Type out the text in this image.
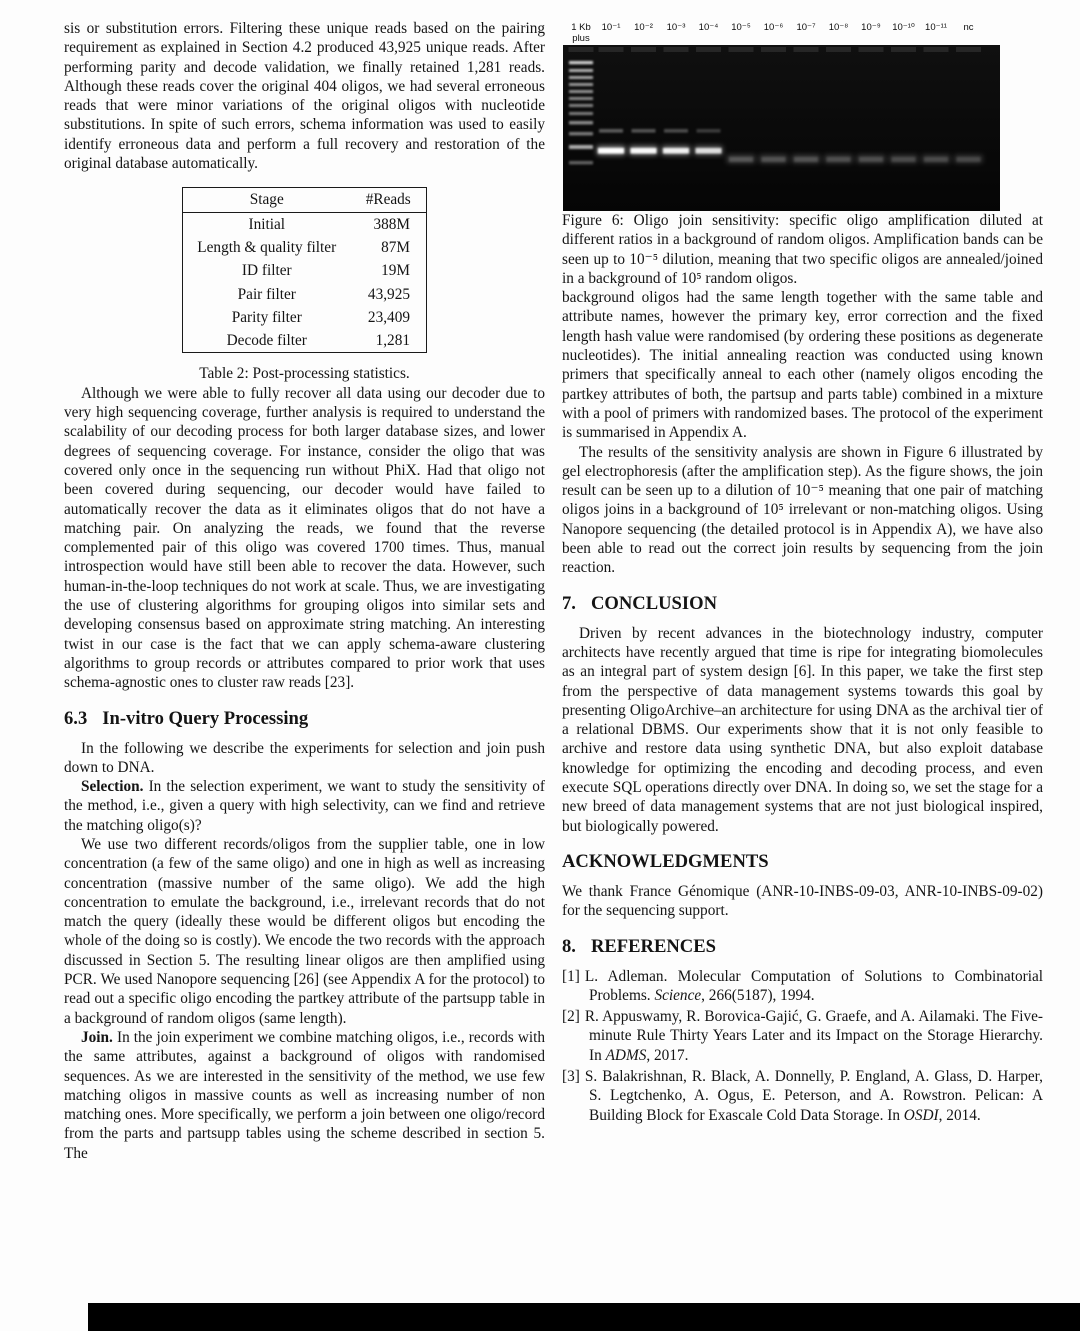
sis or substitution errors. Filtering these unique reads based on the pairing requirement as explained in Section 4.2 produced 43,925 unique reads. After performing parity and decode validation, we finally retained 1,281 reads. Although these reads cover the original 404 oligos, we had several erroneous reads that were minor variations of the original oligos with nucleotide substitutions. In spite of such errors, schema information was used to easily identify erroneous data and perform a full recovery and restoration of the original database automatically.

Stage	#Reads
Initial	388M
Length & quality filter	87M
ID filter	19M
Pair filter	43,925
Parity filter	23,409
Decode filter	1,281
Table 2: Post-processing statistics.

Although we were able to fully recover all data using our decoder due to very high sequencing coverage, further analysis is required to understand the scalability of our decoding process for both larger database sizes, and lower degrees of sequencing coverage. For instance, consider the oligo that was covered only once in the sequencing run without PhiX. Had that oligo not been covered during sequencing, our decoder would have failed to automatically recover the data as it eliminates oligos that do not have a matching pair. On analyzing the reads, we found that the reverse complemented pair of this oligo was covered 1700 times. Thus, manual introspection would have still been able to recover the data. However, such human-in-the-loop techniques do not work at scale. Thus, we are investigating the use of clustering algorithms for grouping oligos into similar sets and developing consensus based on approximate string matching. An interesting twist in our case is the fact that we can apply schema-aware clustering algorithms to group records or attributes compared to prior work that uses schema-agnostic ones to cluster raw reads [23].

6.3 In-vitro Query Processing

In the following we describe the experiments for selection and join push down to DNA.

Selection. In the selection experiment, we want to study the sensitivity of the method, i.e., given a query with high selectivity, can we find and retrieve the matching oligo(s)?

We use two different records/oligos from the supplier table, one in low concentration (a few of the same oligo) and one in high as well as increasing concentration (massive number of the same oligo). We add the high concentration to emulate the background, i.e., irrelevant records that do not match the query (ideally these would be different oligos but encoding the whole of the doing so is costly). We encode the two records with the approach discussed in Section 5. The resulting linear oligos are then amplified using PCR. We used Nanopore sequencing [26] (see Appendix A for the protocol) to read out a specific oligo encoding the partkey attribute of the partsupp table in a background of random oligos (same length).

Join. In the join experiment we combine matching oligos, i.e., records with the same attributes, against a background of oligos with randomised sequences. As we are interested in the sensitivity of the method, we use few matching oligos in massive counts as well as increasing number of non matching ones. More specifically, we perform a join between one oligo/record from the parts and partsupp tables using the scheme described in section 5. The

1 Kb plus
10⁻¹ 10⁻² 10⁻³ 10⁻⁴ 10⁻⁵ 10⁻⁶ 10⁻⁷ 10⁻⁸ 10⁻⁹ 10⁻¹⁰ 10⁻¹¹ nc

Figure 6: Oligo join sensitivity: specific oligo amplification diluted at different ratios in a background of random oligos. Amplification bands can be seen up to 10⁻⁵ dilution, meaning that two specific oligos are annealed/joined in a background of 10⁵ random oligos.

background oligos had the same length together with the same table and attribute names, however the primary key, error correction and the fixed length hash value were randomised (by ordering these positions as degenerate nucleotides). The initial annealing reaction was conducted using known primers that specifically anneal to each other (namely oligos encoding the partkey attributes of both, the partsup and parts table) combined in a mixture with a pool of primers with randomized bases. The protocol of the experiment is summarised in Appendix A.

The results of the sensitivity analysis are shown in Figure 6 illustrated by gel electrophoresis (after the amplification step). As the figure shows, the join result can be seen up to a dilution of 10⁻⁵ meaning that one pair of matching oligos joins in a background of 10⁵ irrelevant or non-matching oligos. Using Nanopore sequencing (the detailed protocol is in Appendix A), we have also been able to read out the correct join results by sequencing from the join reaction.

7. CONCLUSION

Driven by recent advances in the biotechnology industry, computer architects have recently argued that time is ripe for integrating biomolecules as an integral part of system design [6]. In this paper, we take the first step from the perspective of data management systems towards this goal by presenting OligoArchive–an architecture for using DNA as the archival tier of a relational DBMS. Our experiments show that it is not only feasible to archive and restore data using synthetic DNA, but also exploit database knowledge for optimizing the encoding and decoding process, and even execute SQL operations directly over DNA. In doing so, we set the stage for a new breed of data management systems that are not just biological inspired, but biologically powered.

ACKNOWLEDGMENTS

We thank France Génomique (ANR-10-INBS-09-03, ANR-10-INBS-09-02) for the sequencing support.

8. REFERENCES

[1] L. Adleman. Molecular Computation of Solutions to Combinatorial Problems. Science, 266(5187), 1994.

[2] R. Appuswamy, R. Borovica-Gajić, G. Graefe, and A. Ailamaki. The Five-minute Rule Thirty Years Later and its Impact on the Storage Hierarchy. In ADMS, 2017.

[3] S. Balakrishnan, R. Black, A. Donnelly, P. England, A. Glass, D. Harper, S. Legtchenko, A. Ogus, E. Peterson, and A. Rowstron. Pelican: A Building Block for Exascale Cold Data Storage. In OSDI, 2014.
